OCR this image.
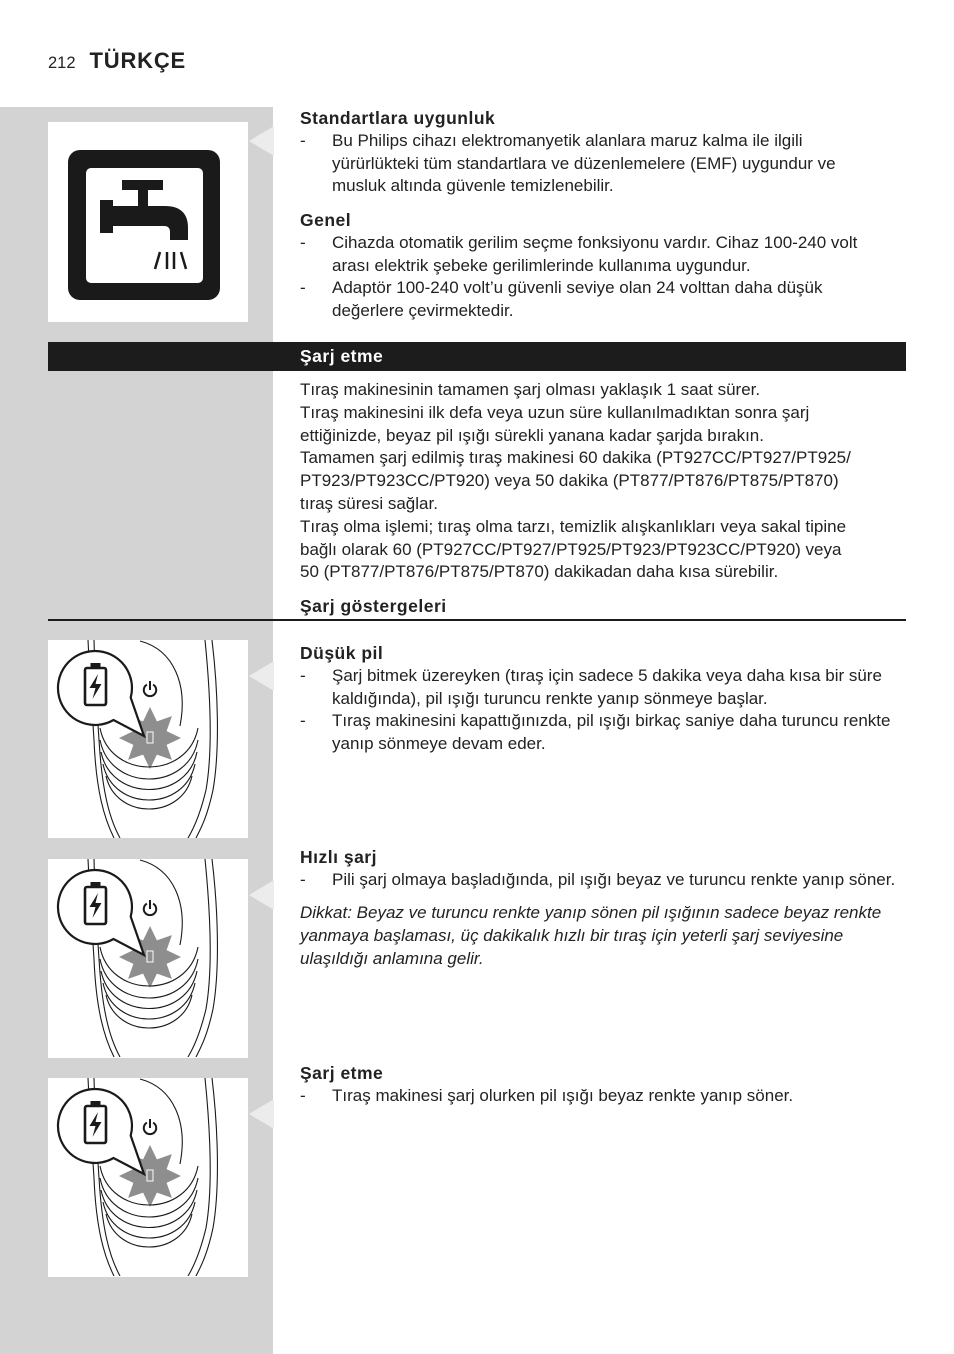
212 TÜRKÇE
Standartlara uygunluk
-	Bu Philips cihazı elektromanyetik alanlara maruz kalma ile ilgili
yürürlükteki tüm standartlara ve düzenlemelere (EMF) uygundur ve
musluk altında güvenle temizlenebilir.
Genel
-	Cihazda otomatik gerilim seçme fonksiyonu vardır. Cihaz 100-240 volt
arası elektrik şebeke gerilimlerinde kullanıma uygundur.
-	Adaptör 100-240 volt’u güvenli seviye olan 24 volttan daha düşük
değerlere çevirmektedir.
Şarj etme
Tıraş makinesinin tamamen şarj olması yaklaşık 1 saat sürer.
Tıraş makinesini ilk defa veya uzun süre kullanılmadıktan sonra şarj
ettiğinizde, beyaz pil ışığı sürekli yanana kadar şarjda bırakın.
Tamamen şarj edilmiş tıraş makinesi 60 dakika (PT927CC/PT927/PT925/
PT923/PT923CC/PT920) veya 50 dakika (PT877/PT876/PT875/PT870)
tıraş süresi sağlar.
Tıraş olma işlemi; tıraş olma tarzı, temizlik alışkanlıkları veya sakal tipine
bağlı olarak 60 (PT927CC/PT927/PT925/PT923/PT923CC/PT920) veya
50 (PT877/PT876/PT875/PT870) dakikadan daha kısa sürebilir.
Şarj göstergeleri
Düşük pil
-	Şarj bitmek üzereyken (tıraş için sadece 5 dakika veya daha kısa bir süre
kaldığında), pil ışığı turuncu renkte yanıp sönmeye başlar.
-	Tıraş makinesini kapattığınızda, pil ışığı birkaç saniye daha turuncu renkte
yanıp sönmeye devam eder.
Hızlı şarj
-	Pili şarj olmaya başladığında, pil ışığı beyaz ve turuncu renkte yanıp söner.
Dikkat: Beyaz ve turuncu renkte yanıp sönen pil ışığının sadece beyaz renkte
yanmaya başlaması, üç dakikalık hızlı bir tıraş için yeterli şarj seviyesine
ulaşıldığı anlamına gelir.
Şarj etme
-	Tıraş makinesi şarj olurken pil ışığı beyaz renkte yanıp söner.
